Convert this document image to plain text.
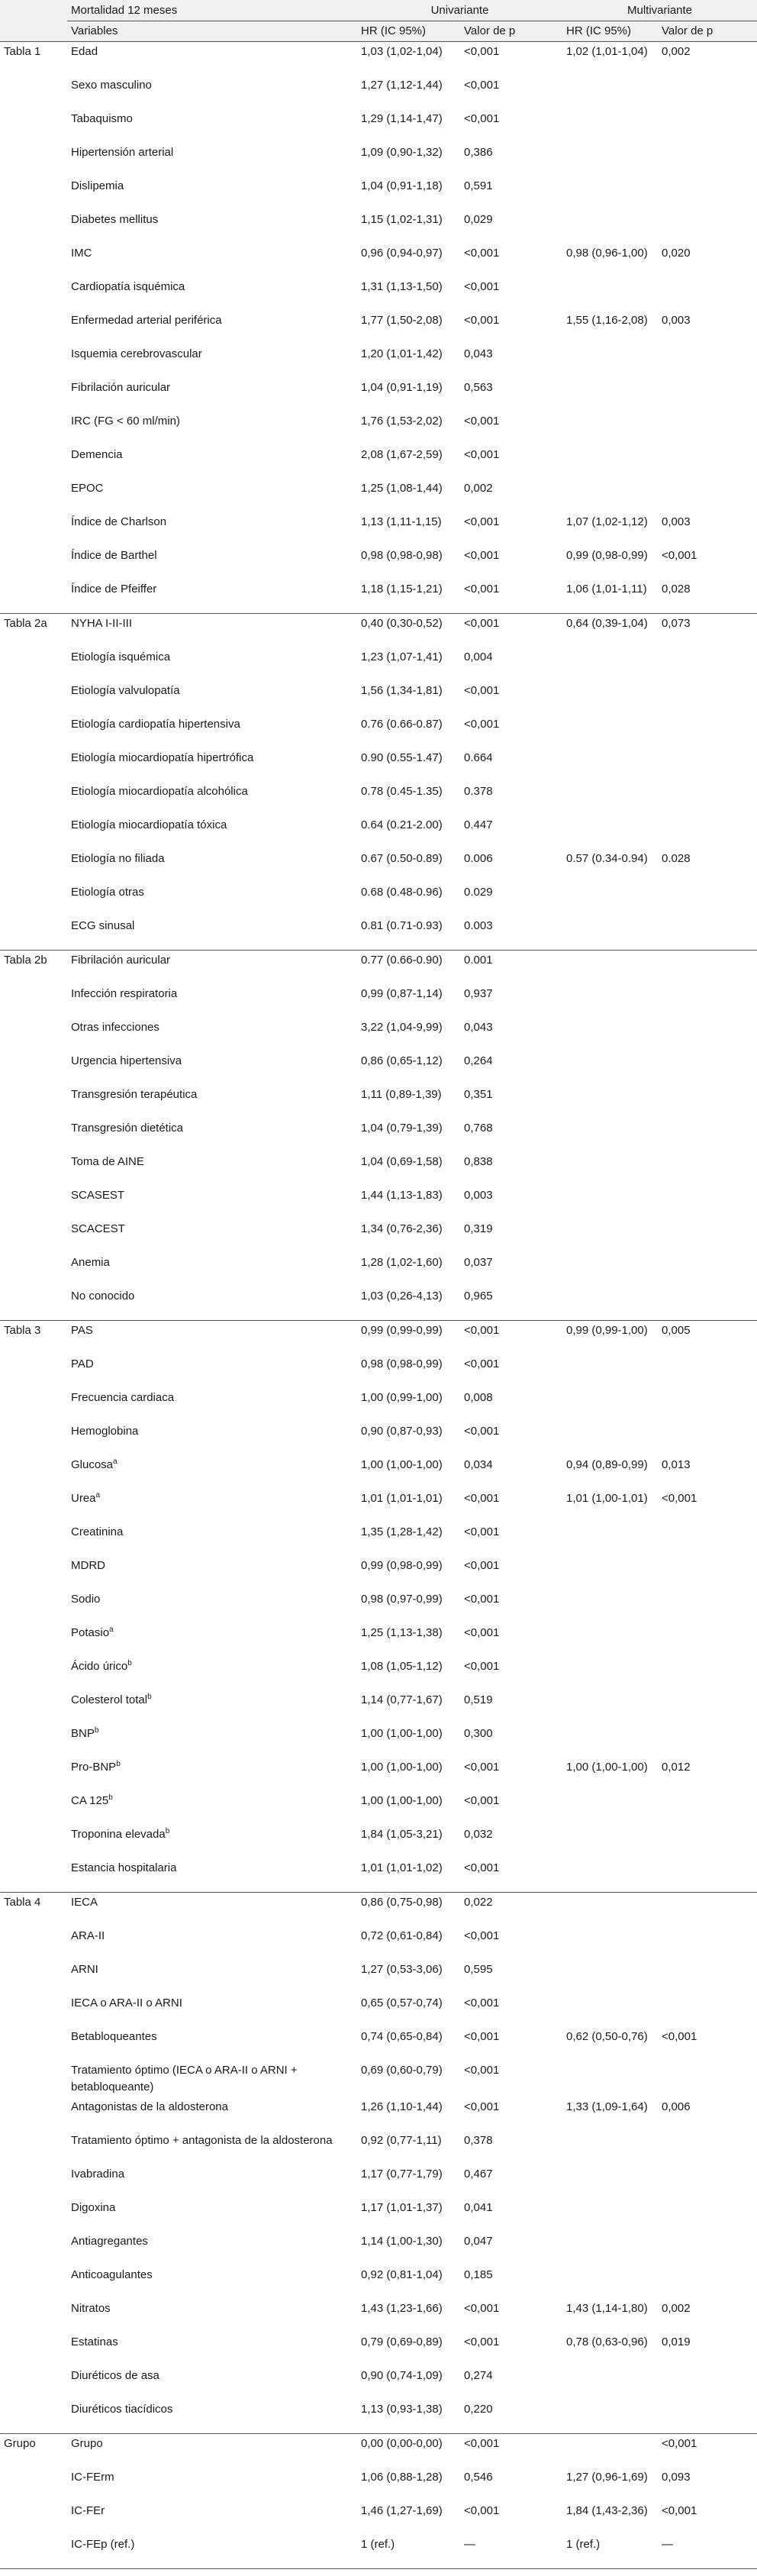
	Mortalidad 12 meses	Univariante		Multivariante	
	Variables	HR (IC 95%)	Valor de p	HR (IC 95%)	Valor de p
Tabla 1	Edad	1,03 (1,02-1,04)	<0,001	1,02 (1,01-1,04)	0,002
	Sexo masculino	1,27 (1,12-1,44)	<0,001		
	Tabaquismo	1,29 (1,14-1,47)	<0,001		
	Hipertensión arterial	1,09 (0,90-1,32)	0,386		
	Dislipemia	1,04 (0,91-1,18)	0,591		
	Diabetes mellitus	1,15 (1,02-1,31)	0,029		
	IMC	0,96 (0,94-0,97)	<0,001	0,98 (0,96-1,00)	0,020
	Cardiopatía isquémica	1,31 (1,13-1,50)	<0,001		
	Enfermedad arterial periférica	1,77 (1,50-2,08)	<0,001	1,55 (1,16-2,08)	0,003
	Isquemia cerebrovascular	1,20 (1,01-1,42)	0,043		
	Fibrilación auricular	1,04 (0,91-1,19)	0,563		
	IRC (FG < 60 ml/min)	1,76 (1,53-2,02)	<0,001		
	Demencia	2,08 (1,67-2,59)	<0,001		
	EPOC	1,25 (1,08-1,44)	0,002		
	Índice de Charlson	1,13 (1,11-1,15)	<0,001	1,07 (1,02-1,12)	0,003
	Índice de Barthel	0,98 (0,98-0,98)	<0,001	0,99 (0,98-0,99)	<0,001
	Índice de Pfeiffer	1,18 (1,15-1,21)	<0,001	1,06 (1,01-1,11)	0,028
Tabla 2a	NYHA I-II-III	0,40 (0,30-0,52)	<0,001	0,64 (0,39-1,04)	0,073
	Etiología isquémica	1,23 (1,07-1,41)	0,004		
	Etiología valvulopatía	1,56 (1,34-1,81)	<0,001		
	Etiología cardiopatía hipertensiva	0.76 (0.66-0.87)	<0,001		
	Etiología miocardiopatía hipertrófica	0.90 (0.55-1.47)	0.664		
	Etiología miocardiopatía alcohólica	0.78 (0.45-1.35)	0.378		
	Etiología miocardiopatía tóxica	0.64 (0.21-2.00)	0.447		
	Etiología no filiada	0.67 (0.50-0.89)	0.006	0.57 (0.34-0.94)	0.028
	Etiología otras	0.68 (0.48-0.96)	0.029		
	ECG sinusal	0.81 (0.71-0.93)	0.003		
Tabla 2b	Fibrilación auricular	0.77 (0.66-0.90)	0.001		
	Infección respiratoria	0,99 (0,87-1,14)	0,937		
	Otras infecciones	3,22 (1,04-9,99)	0,043		
	Urgencia hipertensiva	0,86 (0,65-1,12)	0,264		
	Transgresión terapéutica	1,11 (0,89-1,39)	0,351		
	Transgresión dietética	1,04 (0,79-1,39)	0,768		
	Toma de AINE	1,04 (0,69-1,58)	0,838		
	SCASEST	1,44 (1,13-1,83)	0,003		
	SCACEST	1,34 (0,76-2,36)	0,319		
	Anemia	1,28 (1,02-1,60)	0,037		
	No conocido	1,03 (0,26-4,13)	0,965		
Tabla 3	PAS	0,99 (0,99-0,99)	<0,001	0,99 (0,99-1,00)	0,005
	PAD	0,98 (0,98-0,99)	<0,001		
	Frecuencia cardiaca	1,00 (0,99-1,00)	0,008		
	Hemoglobina	0,90 (0,87-0,93)	<0,001		
	Glucosa$^a$	1,00 (1,00-1,00)	0,034	0,94 (0,89-0,99)	0,013
	Urea$^a$	1,01 (1,01-1,01)	<0,001	1,01 (1,00-1,01)	<0,001
	Creatinina	1,35 (1,28-1,42)	<0,001		
	MDRD	0,99 (0,98-0,99)	<0,001		
	Sodio	0,98 (0,97-0,99)	<0,001		
	Potasio$^a$	1,25 (1,13-1,38)	<0,001		
	Ácido úrico$^b$	1,08 (1,05-1,12)	<0,001		
	Colesterol total$^b$	1,14 (0,77-1,67)	0,519		
	BNP$^b$	1,00 (1,00-1,00)	0,300		
	Pro-BNP$^b$	1,00 (1,00-1,00)	<0,001	1,00 (1,00-1,00)	0,012
	CA 125$^b$	1,00 (1,00-1,00)	<0,001		
	Troponina elevada$^b$	1,84 (1,05-3,21)	0,032		
	Estancia hospitalaria	1,01 (1,01-1,02)	<0,001		
Tabla 4	IECA	0,86 (0,75-0,98)	0,022		
	ARA-II	0,72 (0,61-0,84)	<0,001		
	ARNI	1,27 (0,53-3,06)	0,595		
	IECA o ARA-II o ARNI	0,65 (0,57-0,74)	<0,001		
	Betabloqueantes	0,74 (0,65-0,84)	<0,001	0,62 (0,50-0,76)	<0,001
	Tratamiento óptimo (IECA o ARA-II o ARNI + betabloqueante)	0,69 (0,60-0,79)	<0,001		
	Antagonistas de la aldosterona	1,26 (1,10-1,44)	<0,001	1,33 (1,09-1,64)	0,006
	Tratamiento óptimo + antagonista de la aldosterona	0,92 (0,77-1,11)	0,378		
	Ivabradina	1,17 (0,77-1,79)	0,467		
	Digoxina	1,17 (1,01-1,37)	0,041		
	Antiagregantes	1,14 (1,00-1,30)	0,047		
	Anticoagulantes	0,92 (0,81-1,04)	0,185		
	Nitratos	1,43 (1,23-1,66)	<0,001	1,43 (1,14-1,80)	0,002
	Estatinas	0,79 (0,69-0,89)	<0,001	0,78 (0,63-0,96)	0,019
	Diuréticos de asa	0,90 (0,74-1,09)	0,274		
	Diuréticos tiacídicos	1,13 (0,93-1,38)	0,220		
Grupo	Grupo	0,00 (0,00-0,00)	<0,001		<0,001
	IC-FErm	1,06 (0,88-1,28)	0,546	1,27 (0,96-1,69)	0,093
	IC-FEr	1,46 (1,27-1,69)	<0,001	1,84 (1,43-2,36)	<0,001
	IC-FEp (ref.)	1 (ref.)	—	1 (ref.)	—
